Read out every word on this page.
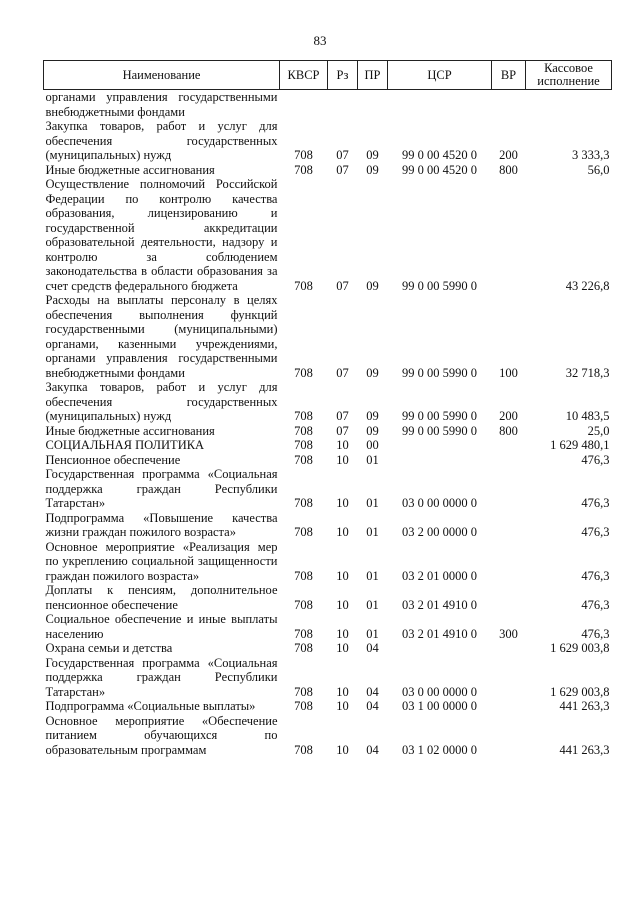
83
Наименование	КВСР	Рз	ПР	ЦСР	ВР	Кассовое исполнение
органами управления государственными внебюджетными фондами						
Закупка товаров, работ и услуг для обеспечения государственных (муниципальных) нужд	708	07	09	99 0 00 4520 0	200	3 333,3
Иные бюджетные ассигнования	708	07	09	99 0 00 4520 0	800	56,0
Осуществление полномочий Российской Федерации по контролю качества образования, лицензированию и государственной аккредитации образовательной деятельности, надзору и контролю за соблюдением законодательства в области образования за счет средств федерального бюджета	708	07	09	99 0 00 5990 0		43 226,8
Расходы на выплаты персоналу в целях обеспечения выполнения функций государственными (муниципальными) органами, казенными учреждениями, органами управления государственными внебюджетными фондами	708	07	09	99 0 00 5990 0	100	32 718,3
Закупка товаров, работ и услуг для обеспечения государственных (муниципальных) нужд	708	07	09	99 0 00 5990 0	200	10 483,5
Иные бюджетные ассигнования	708	07	09	99 0 00 5990 0	800	25,0
СОЦИАЛЬНАЯ ПОЛИТИКА	708	10	00			1 629 480,1
Пенсионное обеспечение	708	10	01			476,3
Государственная программа «Социальная поддержка граждан Республики Татарстан»	708	10	01	03 0 00 0000 0		476,3
Подпрограмма «Повышение качества жизни граждан пожилого возраста»	708	10	01	03 2 00 0000 0		476,3
Основное мероприятие «Реализация мер по укреплению социальной защищенности граждан пожилого возраста»	708	10	01	03 2 01 0000 0		476,3
Доплаты к пенсиям, дополнительное пенсионное обеспечение	708	10	01	03 2 01 4910 0		476,3
Социальное обеспечение и иные выплаты населению	708	10	01	03 2 01 4910 0	300	476,3
Охрана семьи и детства	708	10	04			1 629 003,8
Государственная программа «Социальная поддержка граждан Республики Татарстан»	708	10	04	03 0 00 0000 0		1 629 003,8
Подпрограмма «Социальные выплаты»	708	10	04	03 1 00 0000 0		441 263,3
Основное мероприятие «Обеспечение питанием обучающихся по образовательным программам	708	10	04	03 1 02 0000 0		441 263,3
